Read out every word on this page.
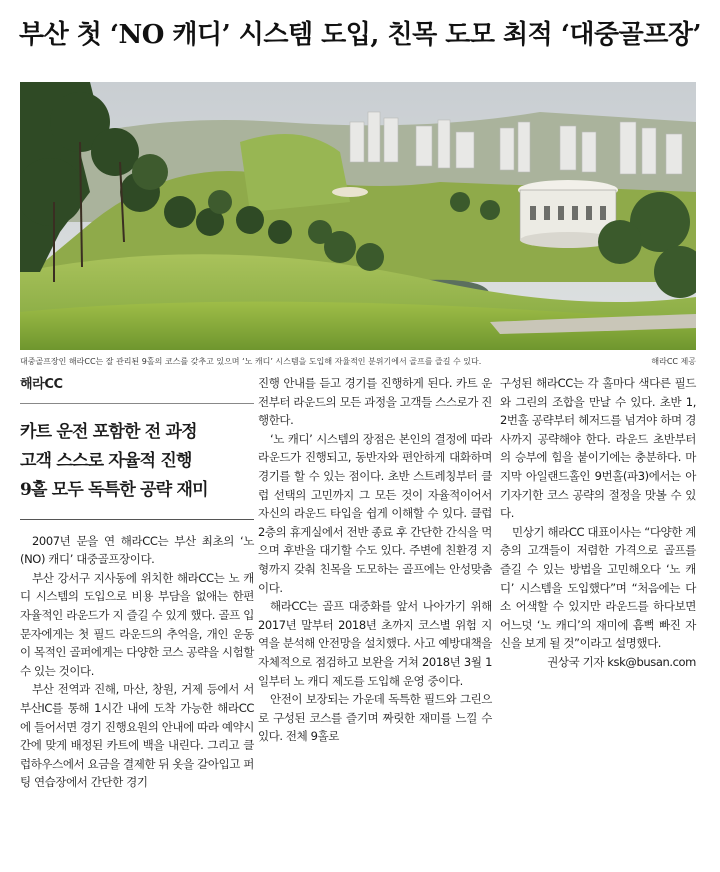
부산 첫 ‘NO 캐디’ 시스템 도입, 친목 도모 최적 ‘대중골프장’
대중골프장인 해라CC는 잘 관리된 9홀의 코스를 갖추고 있으며 ‘노 캐디’ 시스템을 도입해 자율적인 분위기에서 골프를 즐길 수 있다.	해라CC 제공
해라CC
카트 운전 포함한 전 과정
고객 스스로 자율적 진행
9홀 모두 독특한 공략 재미

2007년 문을 연 해라CC는 부산 최초의 ‘노(NO) 캐디’ 대중골프장이다.

부산 강서구 지사동에 위치한 해라CC는 노 캐디 시스템의 도입으로 비용 부담을 없애는 한편 자율적인 라운드가 지 즐길 수 있게 했다. 골프 입문자에게는 첫 필드 라운드의 추억을, 개인 운동이 목적인 골퍼에게는 다양한 코스 공략을 시험할 수 있는 것이다.

부산 전역과 진해, 마산, 창원, 거제 등에서 서부산IC를 통해 1시간 내에 도착 가능한 해라CC에 들어서면 경기 진행요원의 안내에 따라 예약시간에 맞게 배정된 카트에 백을 내린다. 그리고 클럽하우스에서 요금을 결제한 뒤 옷을 갈아입고 퍼팅 연습장에서 간단한 경기

진행 안내를 듣고 경기를 진행하게 된다. 카트 운전부터 라운드의 모든 과정을 고객들 스스로가 진행한다.

‘노 캐디’ 시스템의 장점은 본인의 결정에 따라 라운드가 진행되고, 동반자와 편안하게 대화하며 경기를 할 수 있는 점이다. 초반 스트레칭부터 클럽 선택의 고민까지 그 모든 것이 자율적이어서 자신의 라운드 타입을 쉽게 이해할 수 있다. 클럽 2층의 휴게실에서 전반 종료 후 간단한 간식을 먹으며 후반을 대기할 수도 있다. 주변에 친환경 지형까지 갖춰 친목을 도모하는 골프에는 안성맞춤이다.

해라CC는 골프 대중화를 앞서 나아가기 위해 2017년 말부터 2018년 초까지 코스별 위험 지역을 분석해 안전망을 설치했다. 사고 예방대책을 자체적으로 점검하고 보완을 거쳐 2018년 3월 1일부터 노 캐디 제도를 도입해 운영 중이다.

안전이 보장되는 가운데 독특한 필드와 그린으로 구성된 코스를 즐기며 짜릿한 재미를 느낄 수 있다. 전체 9홀로

구성된 해라CC는 각 홀마다 색다른 필드와 그린의 조합을 만날 수 있다. 초반 1, 2번홀 공략부터 헤저드를 넘겨야 하며 경사까지 공략해야 한다. 라운드 초반부터의 승부에 힘을 붙이기에는 충분하다. 마지막 아일랜드홀인 9번홀(파3)에서는 아기자기한 코스 공략의 절정을 맛볼 수 있다.

민상기 해라CC 대표이사는 “다양한 계층의 고객들이 저렴한 가격으로 골프를 즐길 수 있는 방법을 고민해오다 ‘노 캐디’ 시스템을 도입했다”며 “처음에는 다소 어색할 수 있지만 라운드를 하다보면 어느덧 ‘노 캐디’의 재미에 흠뻑 빠진 자신을 보게 될 것”이라고 설명했다.

권상국 기자 ksk@busan.com
